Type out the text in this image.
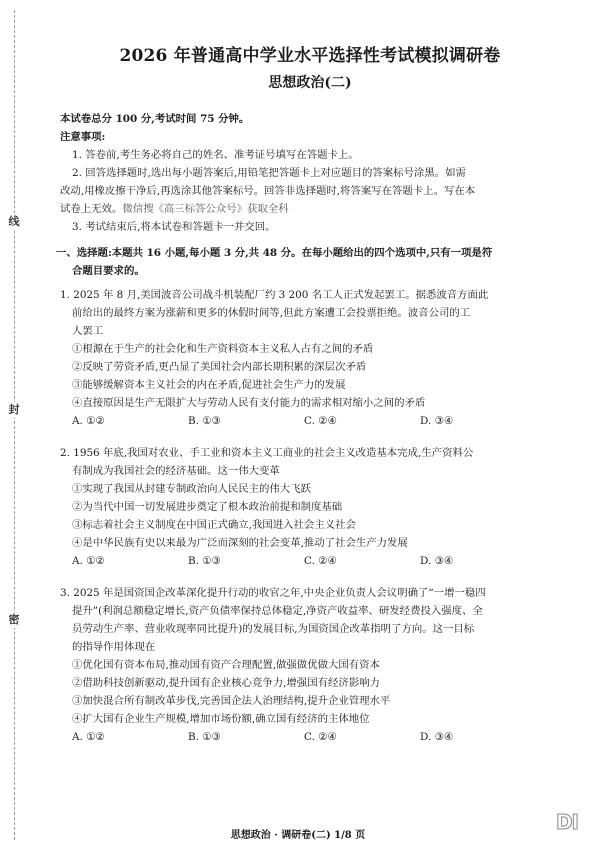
线
封
密
2026 年普通高中学业水平选择性考试模拟调研卷
思想政治(二)
本试卷总分 100 分,考试时间 75 分钟。
注意事项:
1. 答卷前,考生务必将自己的姓名、准考证号填写在答题卡上。
2. 回答选择题时,选出每小题答案后,用铅笔把答题卡上对应题目的答案标号涂黑。如需
改动,用橡皮擦干净后,再选涂其他答案标号。回答非选择题时,将答案写在答题卡上。写在本
试卷上无效。微信搜《高三标答公众号》获取全科
3. 考试结束后,将本试卷和答题卡一并交回。
一、选择题:本题共 16 小题,每小题 3 分,共 48 分。在每小题给出的四个选项中,只有一项是符
合题目要求的。
1. 2025 年 8 月,美国波音公司战斗机装配厂约 3 200 名工人正式发起罢工。据悉波音方面此
前给出的最终方案为涨薪和更多的休假时间等,但此方案遭工会投票拒绝。波音公司的工
人罢工
①根源在于生产的社会化和生产资料资本主义私人占有之间的矛盾
②反映了劳资矛盾,更凸显了美国社会内部长期积累的深层次矛盾
③能够缓解资本主义社会的内在矛盾,促进社会生产力的发展
④直接原因是生产无限扩大与劳动人民有支付能力的需求相对缩小之间的矛盾
A. ①②	B. ①③	C. ②④	D. ③④
2. 1956 年底,我国对农业、手工业和资本主义工商业的社会主义改造基本完成,生产资料公
有制成为我国社会的经济基础。这一伟大变革
①实现了我国从封建专制政治向人民民主的伟大飞跃
②为当代中国一切发展进步奠定了根本政治前提和制度基础
③标志着社会主义制度在中国正式确立,我国进入社会主义社会
④是中华民族有史以来最为广泛而深刻的社会变革,推动了社会生产力发展
A. ①②	B. ①③	C. ②④	D. ③④
3. 2025 年是国资国企改革深化提升行动的收官之年,中央企业负责人会议明确了“一增一稳四
提升”(利润总额稳定增长,资产负债率保持总体稳定,净资产收益率、研发经费投入强度、全
员劳动生产率、营业收现率同比提升)的发展目标,为国资国企改革指明了方向。这一目标
的指导作用体现在
①优化国有资本布局,推动国有资产合理配置,做强做优做大国有资本
②借助科技创新驱动,提升国有企业核心竞争力,增强国有经济影响力
③加快混合所有制改革步伐,完善国企法人治理结构,提升企业管理水平
④扩大国有企业生产规模,增加市场份额,确立国有经济的主体地位
A. ①②	B. ①③	C. ②④	D. ③④
思想政治 · 调研卷(二) 1/8 页
DI
